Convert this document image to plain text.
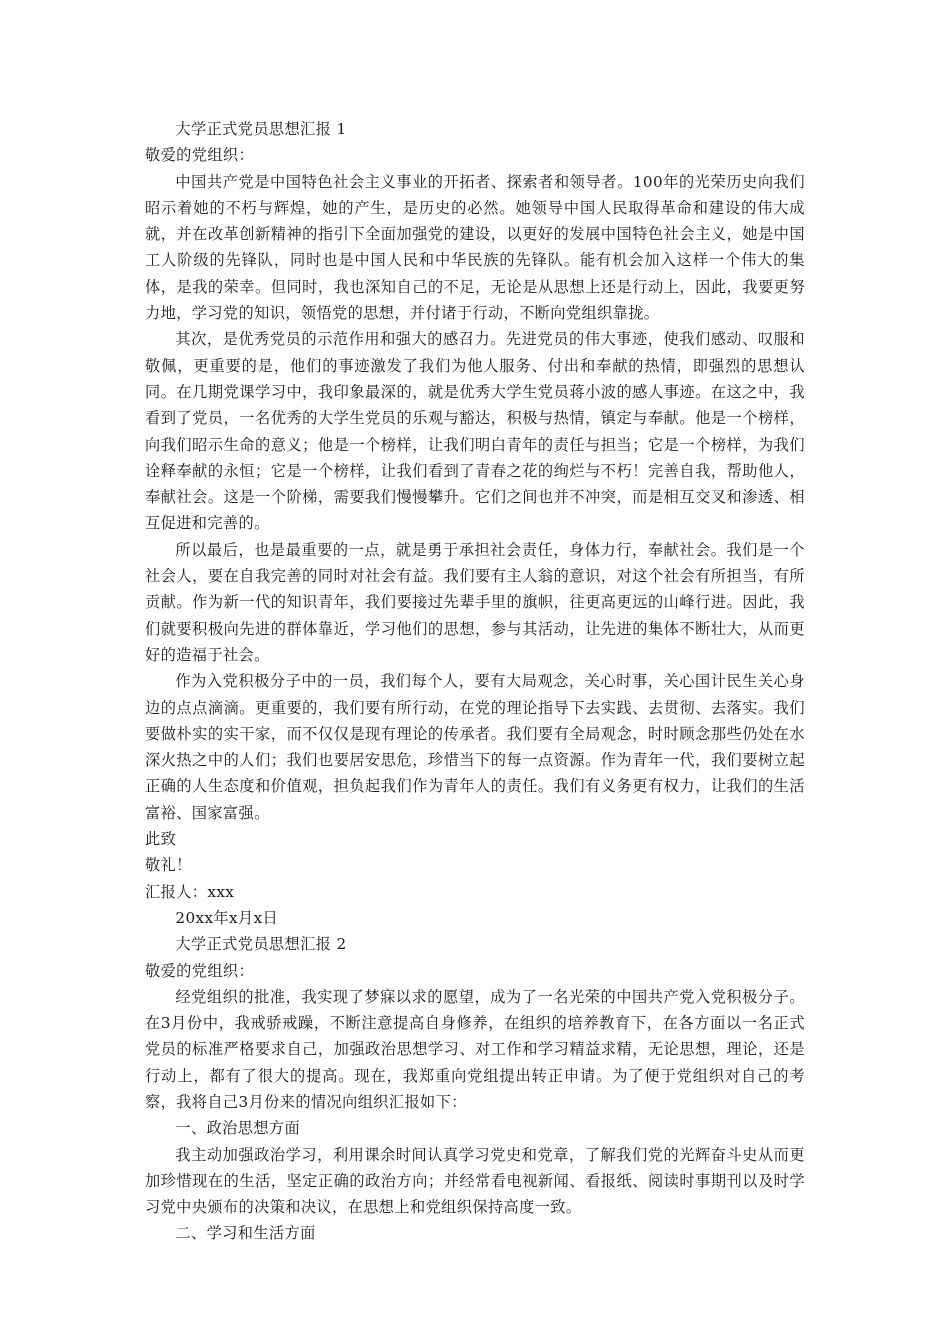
大学正式党员思想汇报 1

敬爱的党组织：

中国共产党是中国特色社会主义事业的开拓者、探索者和领导者。100年的光荣历史向我们昭示着她的不朽与辉煌，她的产生，是历史的必然。她领导中国人民取得革命和建设的伟大成就，并在改革创新精神的指引下全面加强党的建设，以更好的发展中国特色社会主义，她是中国工人阶级的先锋队，同时也是中国人民和中华民族的先锋队。能有机会加入这样一个伟大的集体，是我的荣幸。但同时，我也深知自己的不足，无论是从思想上还是行动上，因此，我要更努力地，学习党的知识，领悟党的思想，并付诸于行动，不断向党组织靠拢。

其次，是优秀党员的示范作用和强大的感召力。先进党员的伟大事迹，使我们感动、叹服和敬佩，更重要的是，他们的事迹激发了我们为他人服务、付出和奉献的热情，即强烈的思想认同。在几期党课学习中，我印象最深的，就是优秀大学生党员蒋小波的感人事迹。在这之中，我看到了党员，一名优秀的大学生党员的乐观与豁达，积极与热情，镇定与奉献。他是一个榜样，向我们昭示生命的意义；他是一个榜样，让我们明白青年的责任与担当；它是一个榜样，为我们诠释奉献的永恒；它是一个榜样，让我们看到了青春之花的绚烂与不朽！完善自我，帮助他人，奉献社会。这是一个阶梯，需要我们慢慢攀升。它们之间也并不冲突，而是相互交叉和渗透、相互促进和完善的。

所以最后，也是最重要的一点，就是勇于承担社会责任，身体力行，奉献社会。我们是一个社会人，要在自我完善的同时对社会有益。我们要有主人翁的意识，对这个社会有所担当，有所贡献。作为新一代的知识青年，我们要接过先辈手里的旗帜，往更高更远的山峰行进。因此，我们就要积极向先进的群体靠近，学习他们的思想，参与其活动，让先进的集体不断壮大，从而更好的造福于社会。

作为入党积极分子中的一员，我们每个人，要有大局观念，关心时事，关心国计民生关心身边的点点滴滴。更重要的，我们要有所行动，在党的理论指导下去实践、去贯彻、去落实。我们要做朴实的实干家，而不仅仅是现有理论的传承者。我们要有全局观念，时时顾念那些仍处在水深火热之中的人们；我们也要居安思危，珍惜当下的每一点资源。作为青年一代，我们要树立起正确的人生态度和价值观，担负起我们作为青年人的责任。我们有义务更有权力，让我们的生活富裕、国家富强。

此致

敬礼！

汇报人：xxx

20xx年x月x日

大学正式党员思想汇报 2

敬爱的党组织：

经党组织的批准，我实现了梦寐以求的愿望，成为了一名光荣的中国共产党入党积极分子。在3月份中，我戒骄戒躁，不断注意提高自身修养，在组织的培养教育下，在各方面以一名正式党员的标准严格要求自己，加强政治思想学习、对工作和学习精益求精，无论思想，理论，还是行动上，都有了很大的提高。现在，我郑重向党组提出转正申请。为了便于党组织对自己的考察，我将自己3月份来的情况向组织汇报如下：

一、政治思想方面

我主动加强政治学习，利用课余时间认真学习党史和党章，了解我们党的光辉奋斗史从而更加珍惜现在的生活，坚定正确的政治方向；并经常看电视新闻、看报纸、阅读时事期刊以及时学习党中央颁布的决策和决议，在思想上和党组织保持高度一致。

二、学习和生活方面
